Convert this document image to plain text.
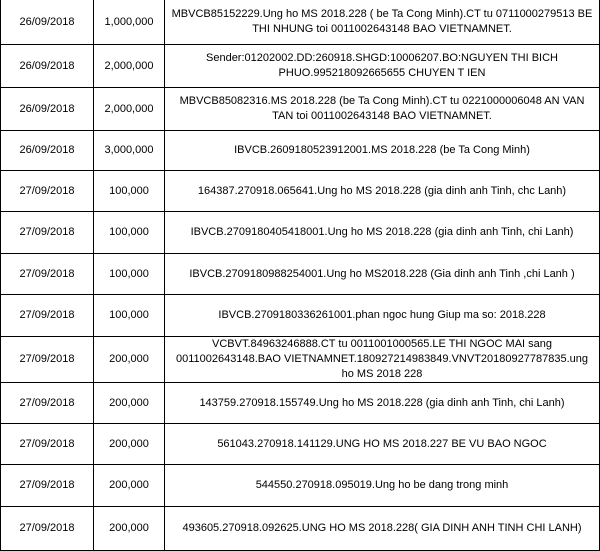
26/09/2018	1,000,000	MBVCB85152229.Ung ho MS 2018.228 ( be Ta Cong Minh).CT tu 0711000279513 BE THI NHUNG toi 0011002643148 BAO VIETNAMNET.
26/09/2018	2,000,000	Sender:01202002.DD:260918.SHGD:10006207.BO:NGUYEN THI BICH PHUO.995218092665655 CHUYEN T IEN
26/09/2018	2,000,000	MBVCB85082316.MS 2018.228 (be Ta Cong Minh).CT tu 0221000006048 AN VAN TAN toi 0011002643148 BAO VIETNAMNET.
26/09/2018	3,000,000	IBVCB.2609180523912001.MS 2018.228 (be Ta Cong Minh)
27/09/2018	100,000	164387.270918.065641.Ung ho MS 2018.228 (gia dinh anh Tinh, chc Lanh)
27/09/2018	100,000	IBVCB.2709180405418001.Ung ho MS 2018.228 (gia dinh anh Tinh, chi Lanh)
27/09/2018	100,000	IBVCB.2709180988254001.Ung ho MS2018.228 (Gia dinh anh Tinh ,chi Lanh )
27/09/2018	100,000	IBVCB.2709180336261001.phan ngoc hung Giup ma so: 2018.228
27/09/2018	200,000	VCBVT.84963246888.CT tu 0011001000565.LE THI NGOC MAI sang 0011002643148.BAO VIETNAMNET.180927214983849.VNVT20180927787835.ung ho MS 2018 228
27/09/2018	200,000	143759.270918.155749.Ung ho MS 2018.228 (gia dinh anh Tinh, chi Lanh)
27/09/2018	200,000	561043.270918.141129.UNG HO MS 2018.227 BE VU BAO NGOC
27/09/2018	200,000	544550.270918.095019.Ung ho be dang trong minh
27/09/2018	200,000	493605.270918.092625.UNG HO MS 2018.228( GIA DINH ANH TINH CHI LANH)
